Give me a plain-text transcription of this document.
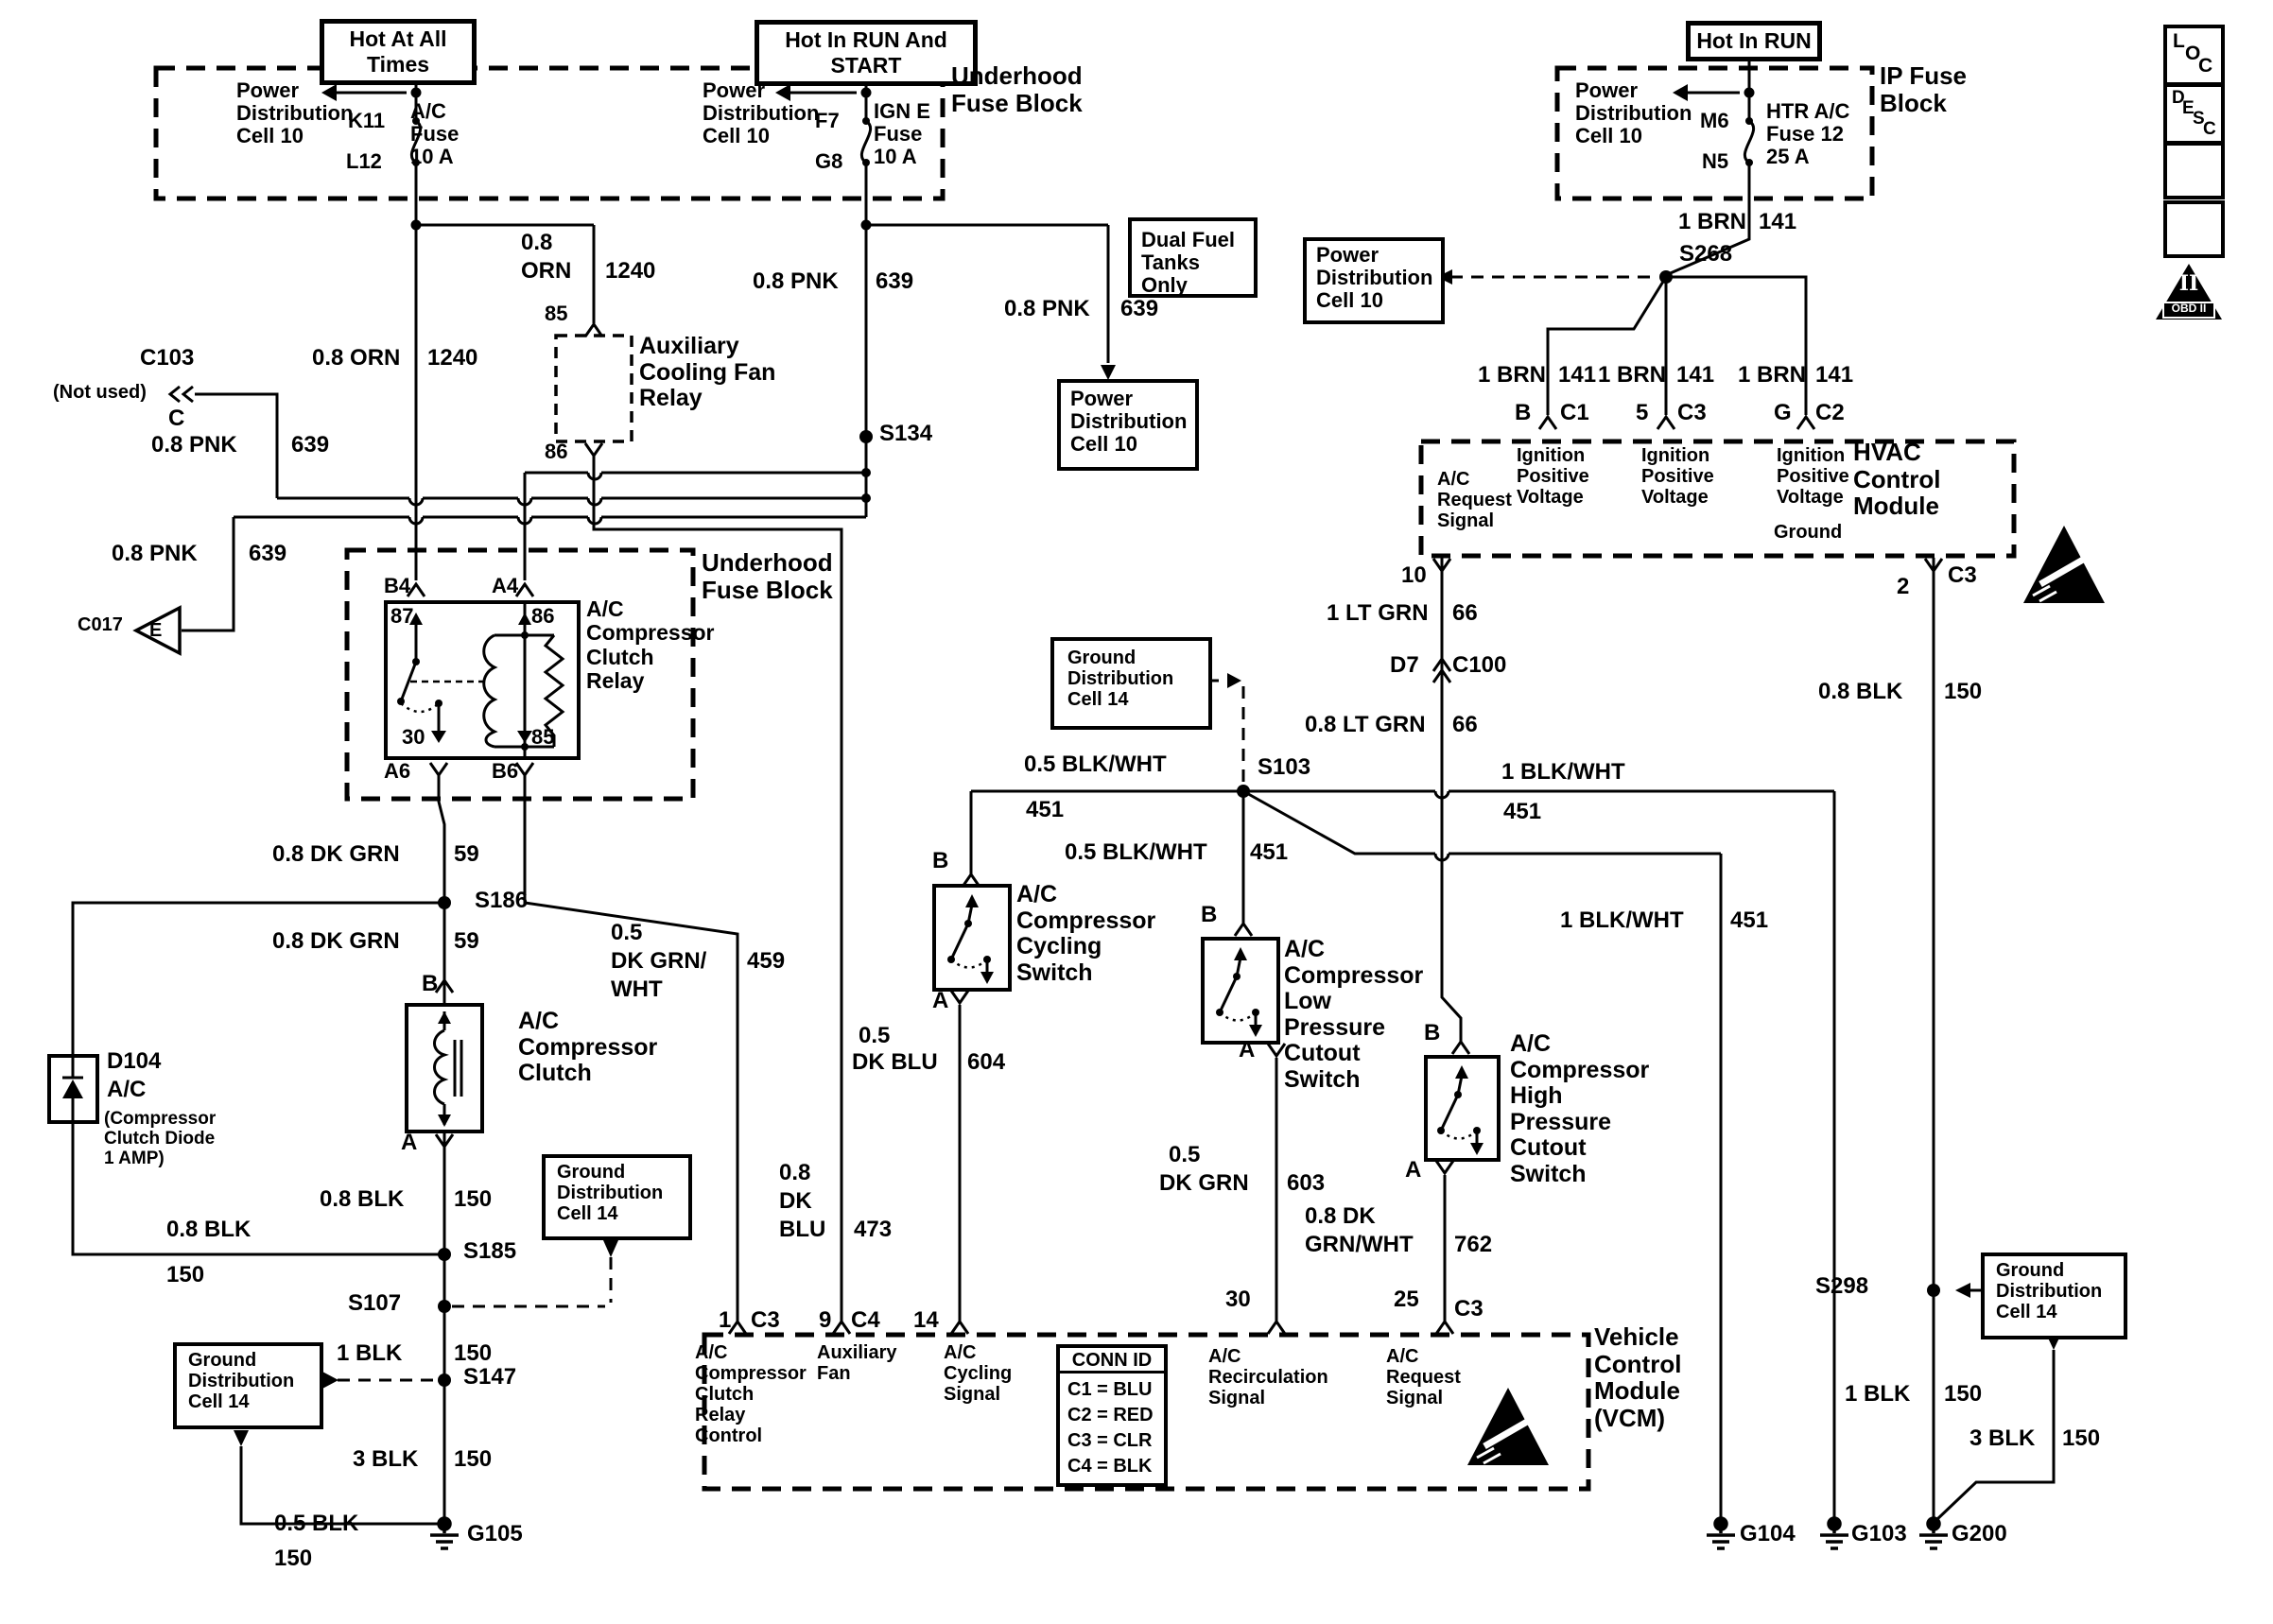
Power Distribution Cell 10
Dual Fuel Tanks Only
Power Distribution Cell 10
Ground Distribution Cell 14
Ground Distribution Cell 14
Ground Distribution Cell 14
Ground Distribution Cell 14
CONN ID
C1 = BLU
C2 = RED
C3 = CLR
C4 = BLK
Hot At All Times
Hot In RUN And START
Hot In RUN
Power Distribution Cell 10
K11
L12
A/C Fuse 10 A
Underhood Fuse Block
Power Distribution Cell 10
F7
G8
IGN E Fuse 10 A
Power Distribution Cell 10
M6
N5
HTR A/C Fuse 12 25 A
IP Fuse Block
0.8 ORN 1240
0.8
ORN 1240	0.8 PNK 639
0.8 PNK 639
0.8 PNK 639
0.8 PNK 639
1 BRN 141
1 BRN 141 1 BRN 141 1 BRN 141
1 LT GRN 66
0.8 LT GRN 66
0.5 BLK/WHT
451
0.5 BLK/WHT 451
1 BLK/WHT
451
1 BLK/WHT 451
0.8 DK GRN 59
0.8 DK GRN 59	0.5
DK GRN/ 459
WHT
0.5
DK BLU 604
0.8
DK
BLU 473
0.5
DK GRN 603
0.8 DK
GRN/WHT 762
0.8 BLK 150
0.8 BLK
150
1 BLK 150
3 BLK 150
0.5 BLK
150
0.8 BLK 150
1 BLK 150
3 BLK 150
S134
S268
S103
S186
S185
S107
S147
S298
G105	G104 G103 G200
C103
(Not used)
C
C017 E
D7 C100
Auxiliary Cooling Fan Relay
85
86
A/C Compressor Clutch Relay
B4	A4
87	86
30	85
A6	B6
Underhood Fuse Block
B
A/C Compressor Clutch
A
D104
A/C
(Compressor Clutch Diode 1 AMP)
B
A/C Compressor Cycling Switch
A
B
A/C Compressor Low Pressure Cutout Switch
A
B	A/C Compressor High Pressure Cutout Switch
A
B C1 5 C3	G C2
A/C Request Signal
Ignition Positive Voltage
Ignition Positive Voltage
Ignition Positive Voltage
Ground
HVAC Control Module
10	2 C3
1 C3 9 C4 14
30	25 C3
A/C Compressor Clutch Relay Control
Auxiliary Fan
A/C Cycling Signal
A/C Recirculation Signal
A/C Request Signal
Vehicle Control Module (VCM)
L
O
C
D
E
S
C
II
OBD II
